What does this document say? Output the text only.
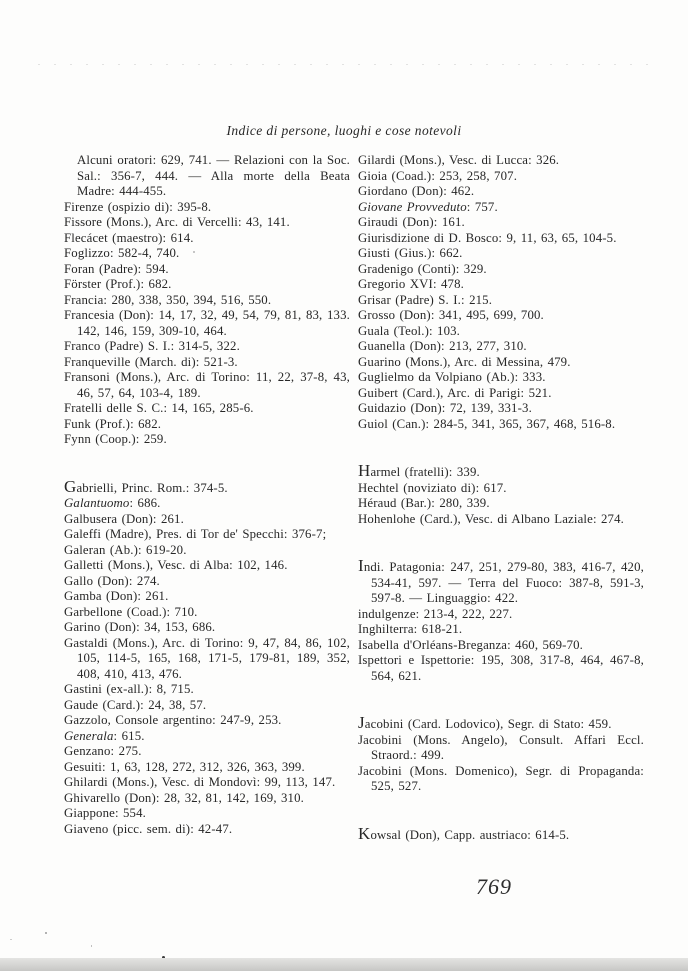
Indice di persone, luoghi e cose notevoli
Alcuni oratori: 629, 741. — Relazioni con la Soc. Sal.: 356-7, 444. — Alla morte della Beata Madre: 444-455.
Firenze (ospizio di): 395-8.
Fissore (Mons.), Arc. di Vercelli: 43, 141.
Flecácet (maestro): 614.
Foglizzo: 582-4, 740.
Foran (Padre): 594.
Förster (Prof.): 682.
Francia: 280, 338, 350, 394, 516, 550.
Francesia (Don): 14, 17, 32, 49, 54, 79, 81, 83, 133. 142, 146, 159, 309-10, 464.
Franco (Padre) S. I.: 314-5, 322.
Franqueville (March. di): 521-3.
Fransoni (Mons.), Arc. di Torino: 11, 22, 37-8, 43, 46, 57, 64, 103-4, 189.
Fratelli delle S. C.: 14, 165, 285-6.
Funk (Prof.): 682.
Fynn (Coop.): 259.
Gabrielli, Princ. Rom.: 374-5.
Galantuomo: 686.
Galbusera (Don): 261.
Galeffi (Madre), Pres. di Tor de' Specchi: 376-7;
Galeran (Ab.): 619-20.
Galletti (Mons.), Vesc. di Alba: 102, 146.
Gallo (Don): 274.
Gamba (Don): 261.
Garbellone (Coad.): 710.
Garino (Don): 34, 153, 686.
Gastaldi (Mons.), Arc. di Torino: 9, 47, 84, 86, 102, 105, 114-5, 165, 168, 171-5, 179-81, 189, 352, 408, 410, 413, 476.
Gastini (ex-all.): 8, 715.
Gaude (Card.): 24, 38, 57.
Gazzolo, Console argentino: 247-9, 253.
Generala: 615.
Genzano: 275.
Gesuiti: 1, 63, 128, 272, 312, 326, 363, 399.
Ghilardi (Mons.), Vesc. di Mondovì: 99, 113, 147.
Ghivarello (Don): 28, 32, 81, 142, 169, 310.
Giappone: 554.
Giaveno (picc. sem. di): 42-47.
Gilardi (Mons.), Vesc. di Lucca: 326.
Gioia (Coad.): 253, 258, 707.
Giordano (Don): 462.
Giovane Provveduto: 757.
Giraudi (Don): 161.
Giurisdizione di D. Bosco: 9, 11, 63, 65, 104-5.
Giusti (Gius.): 662.
Gradenigo (Conti): 329.
Gregorio XVI: 478.
Grisar (Padre) S. I.: 215.
Grosso (Don): 341, 495, 699, 700.
Guala (Teol.): 103.
Guanella (Don): 213, 277, 310.
Guarino (Mons.), Arc. di Messina, 479.
Guglielmo da Volpiano (Ab.): 333.
Guibert (Card.), Arc. di Parigi: 521.
Guidazio (Don): 72, 139, 331-3.
Guiol (Can.): 284-5, 341, 365, 367, 468, 516-8.
Harmel (fratelli): 339.
Hechtel (noviziato di): 617.
Héraud (Bar.): 280, 339.
Hohenlohe (Card.), Vesc. di Albano Laziale: 274.
Indi. Patagonia: 247, 251, 279-80, 383, 416-7, 420, 534-41, 597. — Terra del Fuoco: 387-8, 591-3, 597-8. — Linguaggio: 422.
indulgenze: 213-4, 222, 227.
Inghilterra: 618-21.
Isabella d'Orléans-Breganza: 460, 569-70.
Ispettori e Ispettorie: 195, 308, 317-8, 464, 467-8, 564, 621.
Jacobini (Card. Lodovico), Segr. di Stato: 459.
Jacobini (Mons. Angelo), Consult. Affari Eccl. Straord.: 499.
Jacobini (Mons. Domenico), Segr. di Propaganda: 525, 527.
Kowsal (Don), Capp. austriaco: 614-5.
769
